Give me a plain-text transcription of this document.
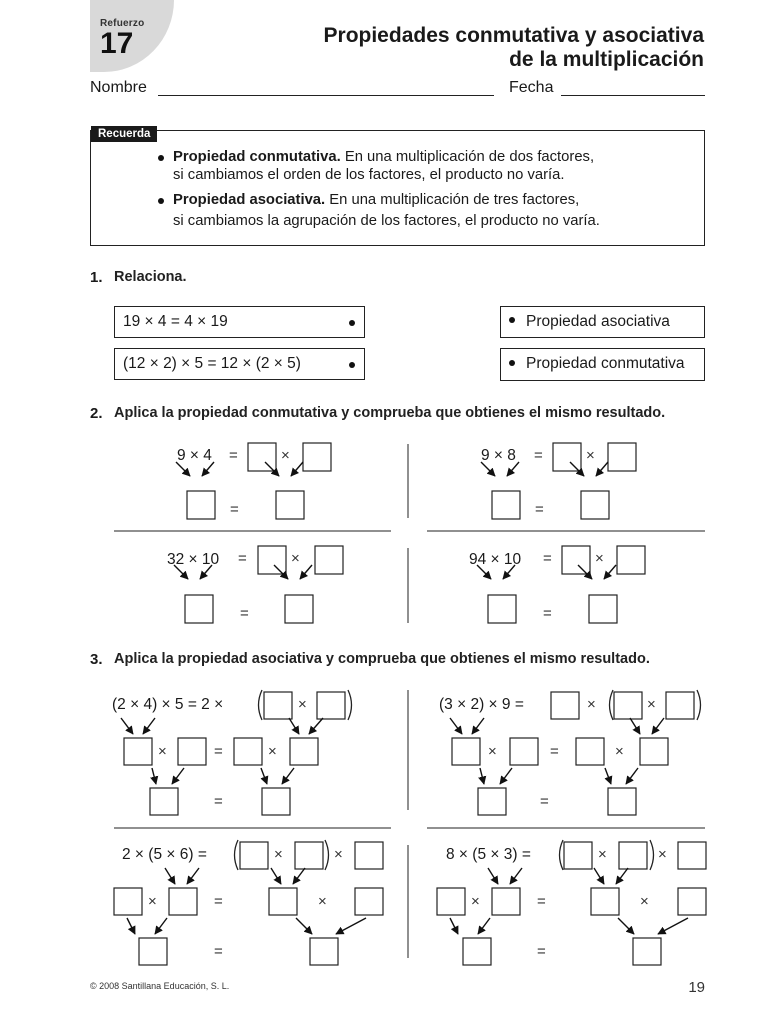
Refuerzo
17	Propiedades conmutativa y asociativa
de la multiplicación
Nombre	Fecha
Recuerda
Propiedad conmutativa. En una multiplicación de dos factores,
si cambiamos el orden de los factores, el producto no varía.
Propiedad asociativa. En una multiplicación de tres factores,
si cambiamos la agrupación de los factores, el producto no varía.
1. Relaciona.
19 × 4 = 4 × 19
(12 × 2) × 5 = 12 × (2 × 5)
Propiedad asociativa
Propiedad conmutativa
2. Aplica la propiedad conmutativa y comprueba que obtienes el mismo resultado.
3. Aplica la propiedad asociativa y comprueba que obtienes el mismo resultado.
9 × 4	9 × 8
32 × 10	94 × 10
(2 × 4) × 5 = 2 ×	(3 × 2) × 9 =
2 × (5 × 6) =	8 × (5 × 3) =
=	×
=
=	×
=
=	×
=
=	×
=
×
×	=	×
=
×	×
×	=	×
=
×	×
×	=	×
=
×	×
×	=	×
=
© 2008 Santillana Educación, S. L.	19
